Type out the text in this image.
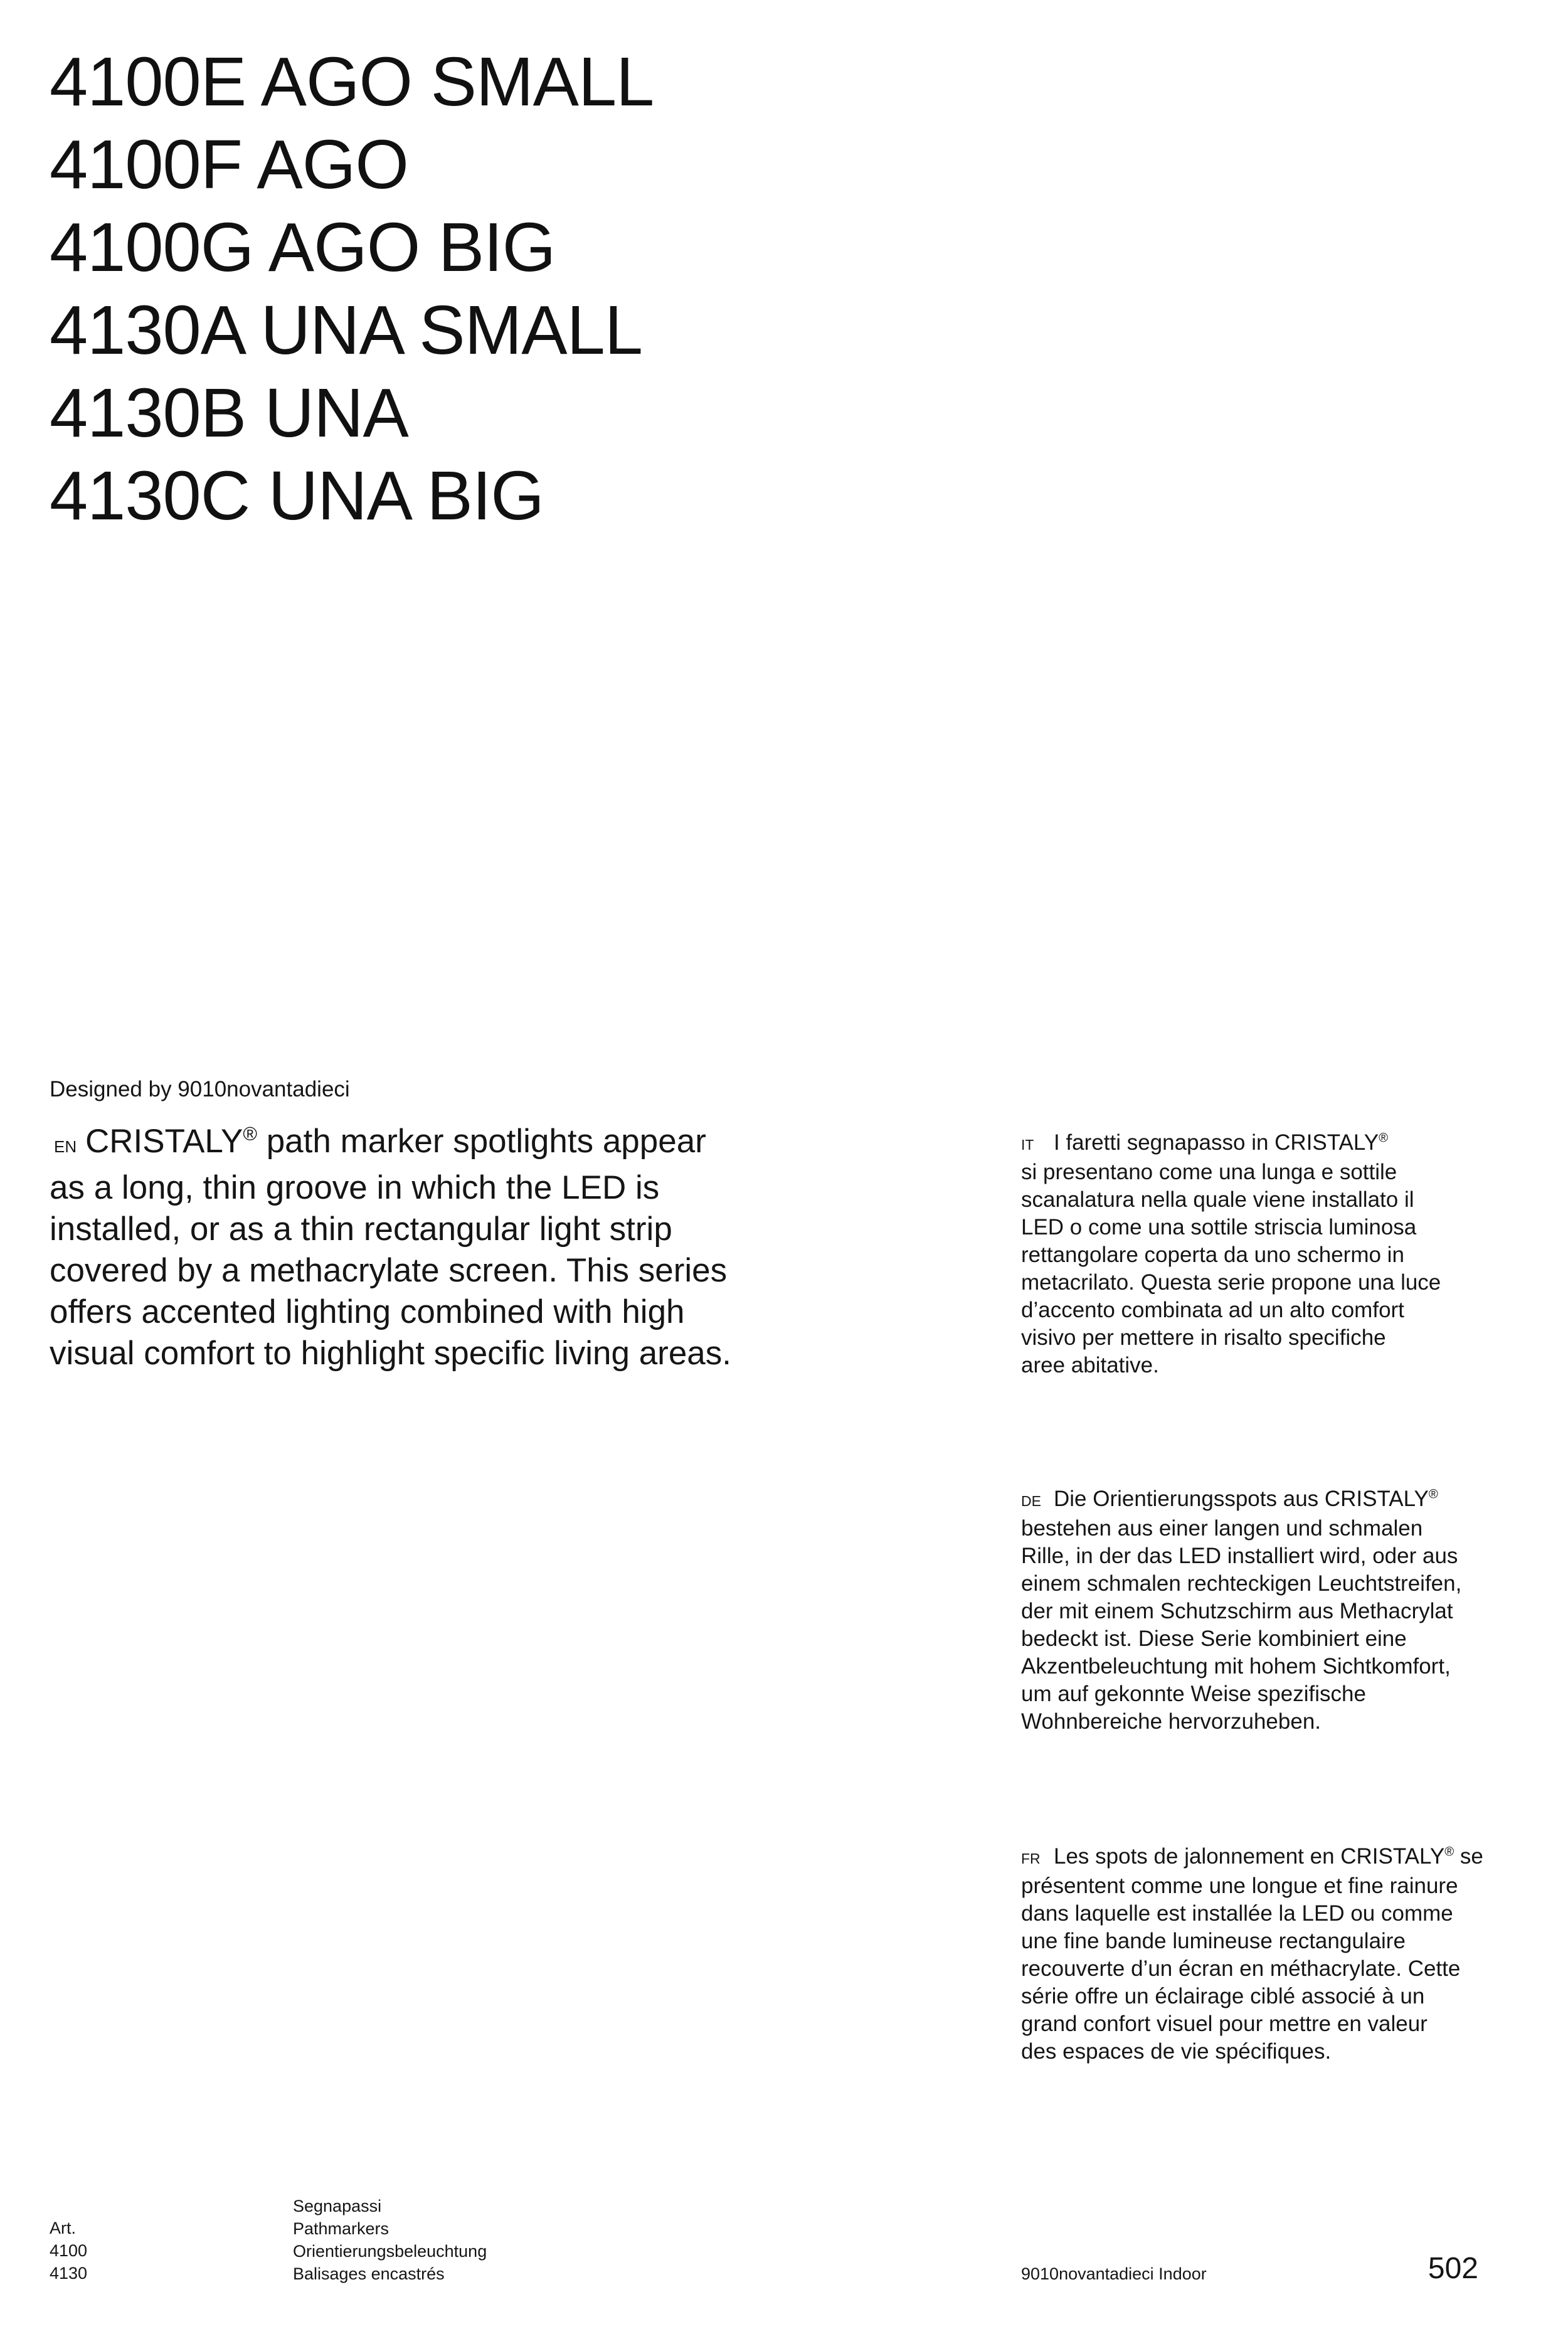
4100E AGO SMALL
4100F AGO
4100G AGO BIG
4130A UNA SMALL
4130B UNA
4130C UNA BIG
Designed by 9010novantadieci
EN CRISTALY® path marker spotlights appear
as a long, thin groove in which the LED is
installed, or as a thin rectangular light strip
covered by a methacrylate screen. This series
offers accented lighting combined with high
visual comfort to highlight specific living areas.
IT I faretti segnapasso in CRISTALY®
si presentano come una lunga e sottile
scanalatura nella quale viene installato il
LED o come una sottile striscia luminosa
rettangolare coperta da uno schermo in
metacrilato. Questa serie propone una luce
d’accento combinata ad un alto comfort
visivo per mettere in risalto specifiche
aree abitative.
DE Die Orientierungsspots aus CRISTALY®
bestehen aus einer langen und schmalen
Rille, in der das LED installiert wird, oder aus
einem schmalen rechteckigen Leuchtstreifen,
der mit einem Schutzschirm aus Methacrylat
bedeckt ist. Diese Serie kombiniert eine
Akzentbeleuchtung mit hohem Sichtkomfort,
um auf gekonnte Weise spezifische
Wohnbereiche hervorzuheben.
FR Les spots de jalonnement en CRISTALY® se
présentent comme une longue et fine rainure
dans laquelle est installée la LED ou comme
une fine bande lumineuse rectangulaire
recouverte d’un écran en méthacrylate. Cette
série offre un éclairage ciblé associé à un
grand confort visuel pour mettre en valeur
des espaces de vie spécifiques.
Art.
4100
4130
Segnapassi
Pathmarkers
Orientierungsbeleuchtung
Balisages encastrés	9010novantadieci Indoor	502
